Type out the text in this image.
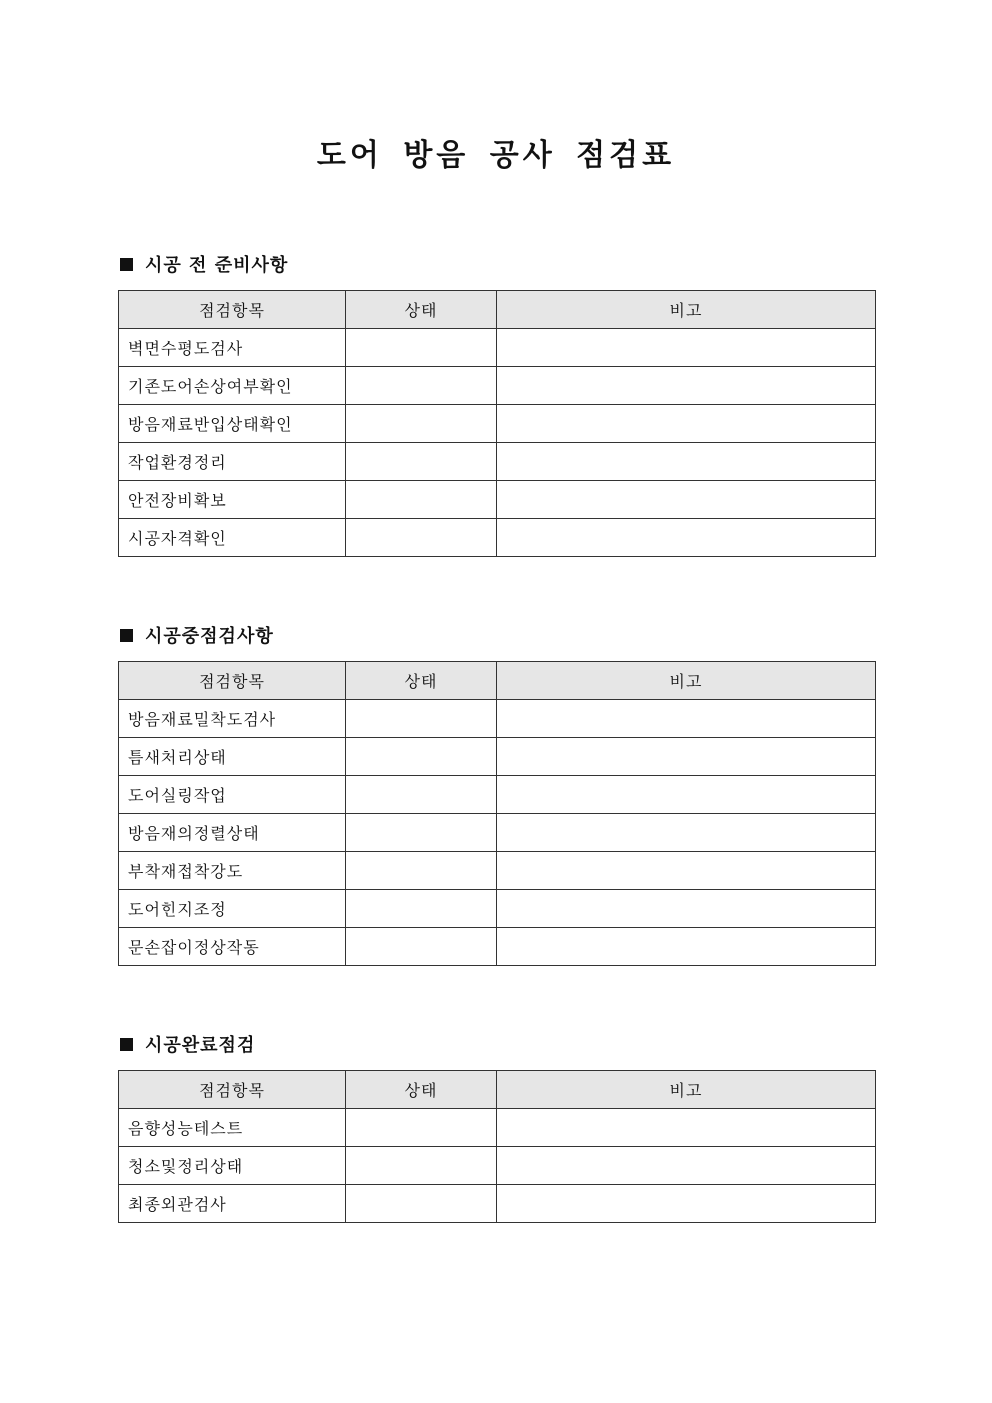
도어 방음 공사 점검표
시공 전 준비사항
점검항목	상태	비고
벽면수평도검사		
기존도어손상여부확인		
방음재료반입상태확인		
작업환경정리		
안전장비확보		
시공자격확인		
시공중점검사항
점검항목	상태	비고
방음재료밀착도검사		
틈새처리상태		
도어실링작업		
방음재의정렬상태		
부착재접착강도		
도어힌지조정		
문손잡이정상작동		
시공완료점검
점검항목	상태	비고
음향성능테스트		
청소및정리상태		
최종외관검사		
